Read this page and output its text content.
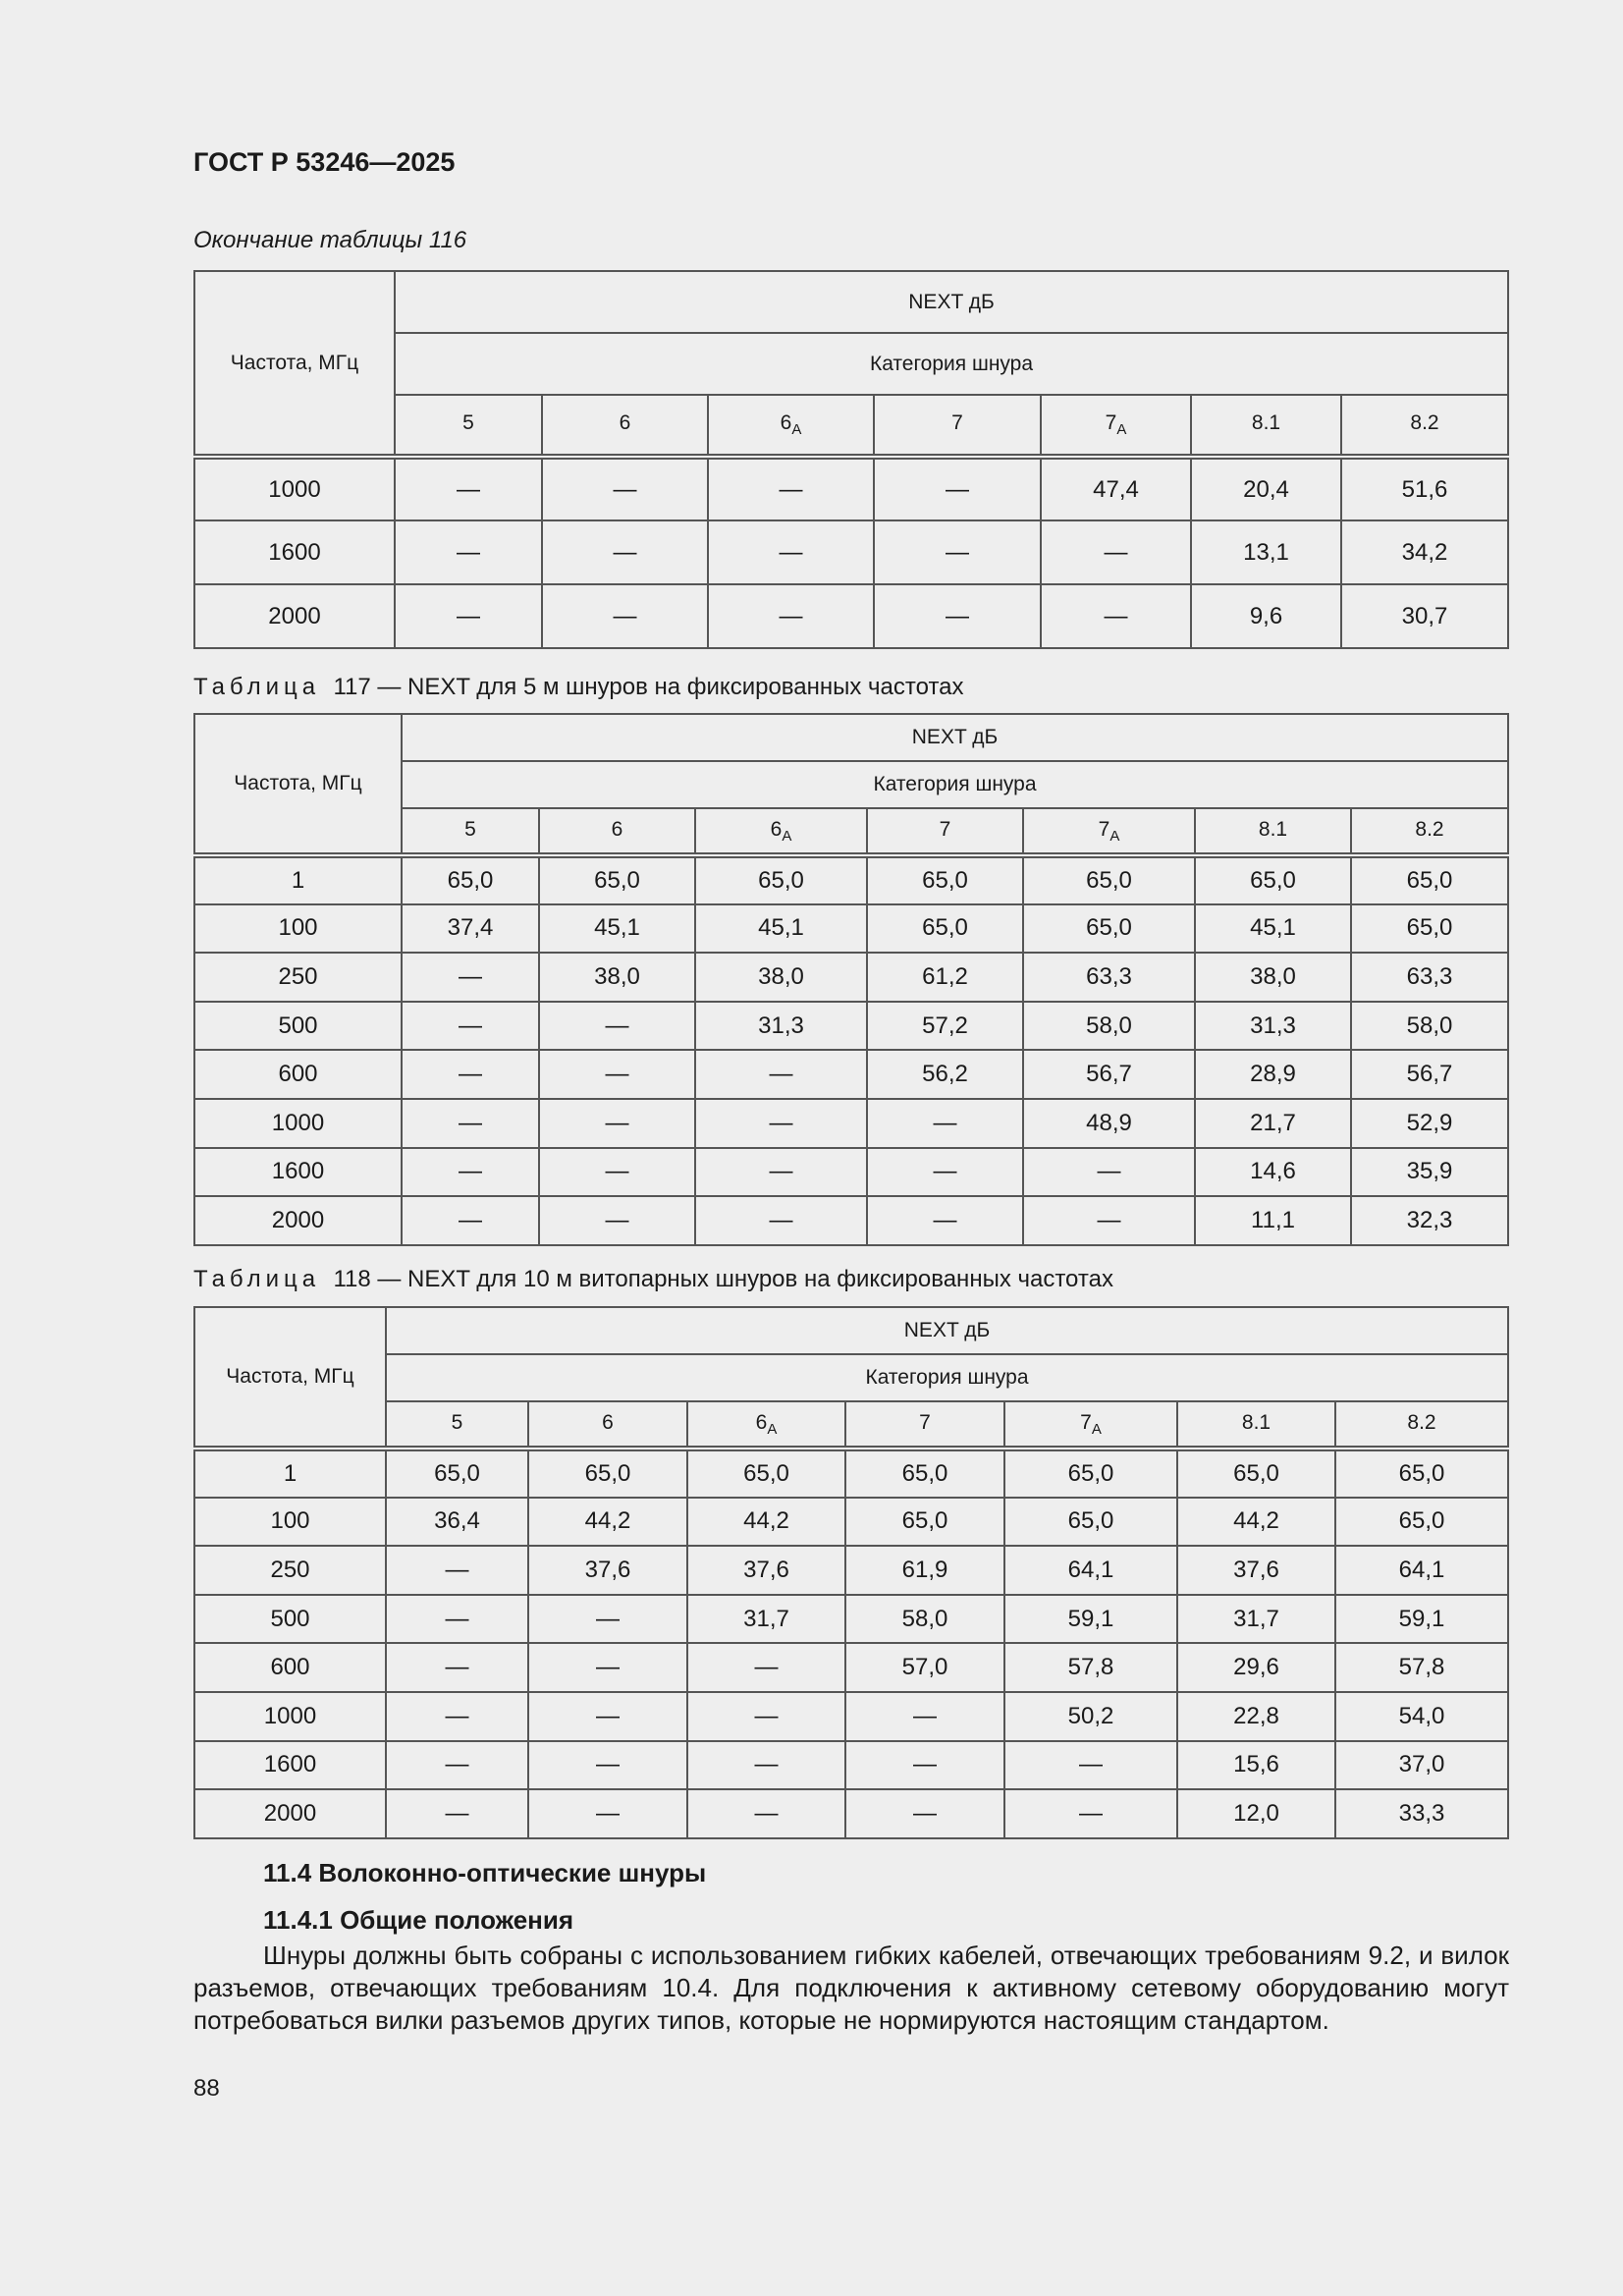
ГОСТ Р 53246—2025
Окончание таблицы 116
Частота, МГц	NEXT дБ						
	Категория шнура						
	5	6	$6_A$	7	$7_A$	8.1	8.2
1000	—	—	—	—	47,4	20,4	51,6
1600	—	—	—	—	—	13,1	34,2
2000	—	—	—	—	—	9,6	30,7
Таблица 117 — NEXT для 5 м шнуров на фиксированных частотах
Частота, МГц	NEXT дБ						
	Категория шнура						
	5	6	$6_A$	7	$7_A$	8.1	8.2
1	65,0	65,0	65,0	65,0	65,0	65,0	65,0
100	37,4	45,1	45,1	65,0	65,0	45,1	65,0
250	—	38,0	38,0	61,2	63,3	38,0	63,3
500	—	—	31,3	57,2	58,0	31,3	58,0
600	—	—	—	56,2	56,7	28,9	56,7
1000	—	—	—	—	48,9	21,7	52,9
1600	—	—	—	—	—	14,6	35,9
2000	—	—	—	—	—	11,1	32,3
Таблица 118 — NEXT для 10 м витопарных шнуров на фиксированных частотах
Частота, МГц	NEXT дБ						
	Категория шнура						
	5	6	$6_A$	7	$7_A$	8.1	8.2
1	65,0	65,0	65,0	65,0	65,0	65,0	65,0
100	36,4	44,2	44,2	65,0	65,0	44,2	65,0
250	—	37,6	37,6	61,9	64,1	37,6	64,1
500	—	—	31,7	58,0	59,1	31,7	59,1
600	—	—	—	57,0	57,8	29,6	57,8
1000	—	—	—	—	50,2	22,8	54,0
1600	—	—	—	—	—	15,6	37,0
2000	—	—	—	—	—	12,0	33,3
11.4 Волоконно-оптические шнуры
11.4.1 Общие положения
Шнуры должны быть собраны с использованием гибких кабелей, отвечающих требованиям 9.2, и вилок разъемов, отвечающих требованиям 10.4. Для подключения к активному сетевому оборудованию могут потребоваться вилки разъемов других типов, которые не нормируются настоящим стандартом.
88
